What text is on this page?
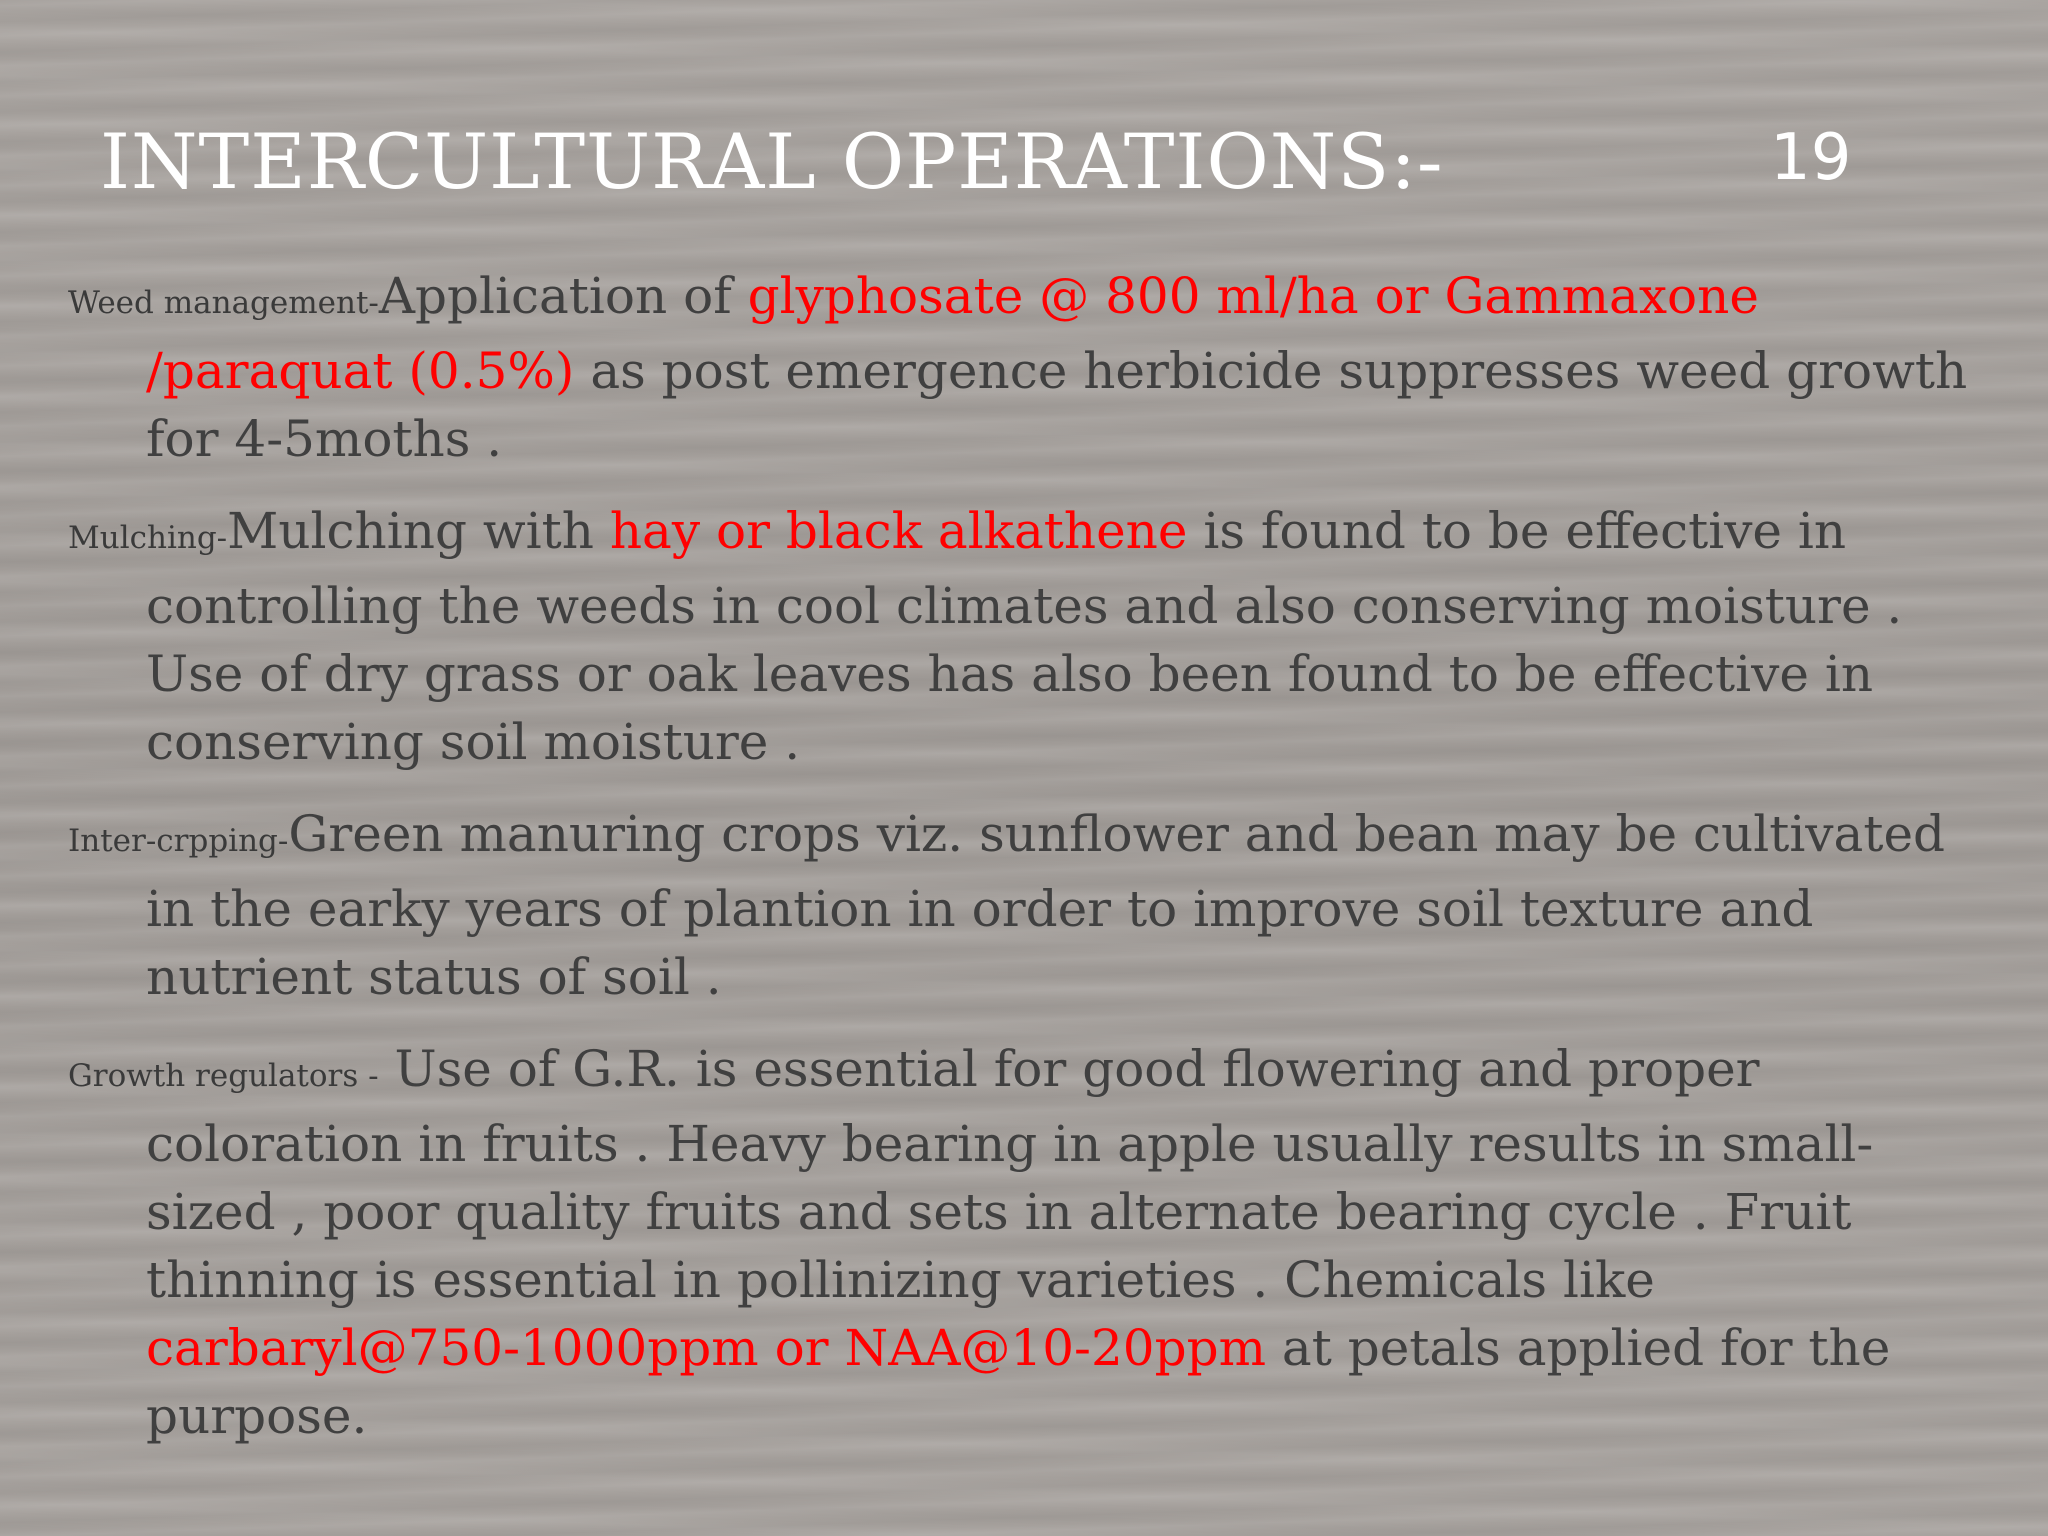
INTERCULTURAL OPERATIONS:-	19

Weed management-Application of glyphosate @ 800 ml/ha or Gammaxone /paraquat (0.5%) as post emergence herbicide suppresses weed growth for 4-5moths .

Mulching-Mulching with hay or black alkathene is found to be effective in controlling the weeds in cool climates and also conserving moisture . Use of dry grass or oak leaves has also been found to be effective in conserving soil moisture .

Inter-crpping-Green manuring crops viz. sunflower and bean may be cultivated in the earky years of plantion in order to improve soil texture and nutrient status of soil .

Growth regulators - Use of G.R. is essential for good flowering and proper coloration in fruits . Heavy bearing in apple usually results in small-sized , poor quality fruits and sets in alternate bearing cycle . Fruit thinning is essential in pollinizing varieties . Chemicals like carbaryl@750-1000ppm or NAA@10-20ppm at petals applied for the purpose.
